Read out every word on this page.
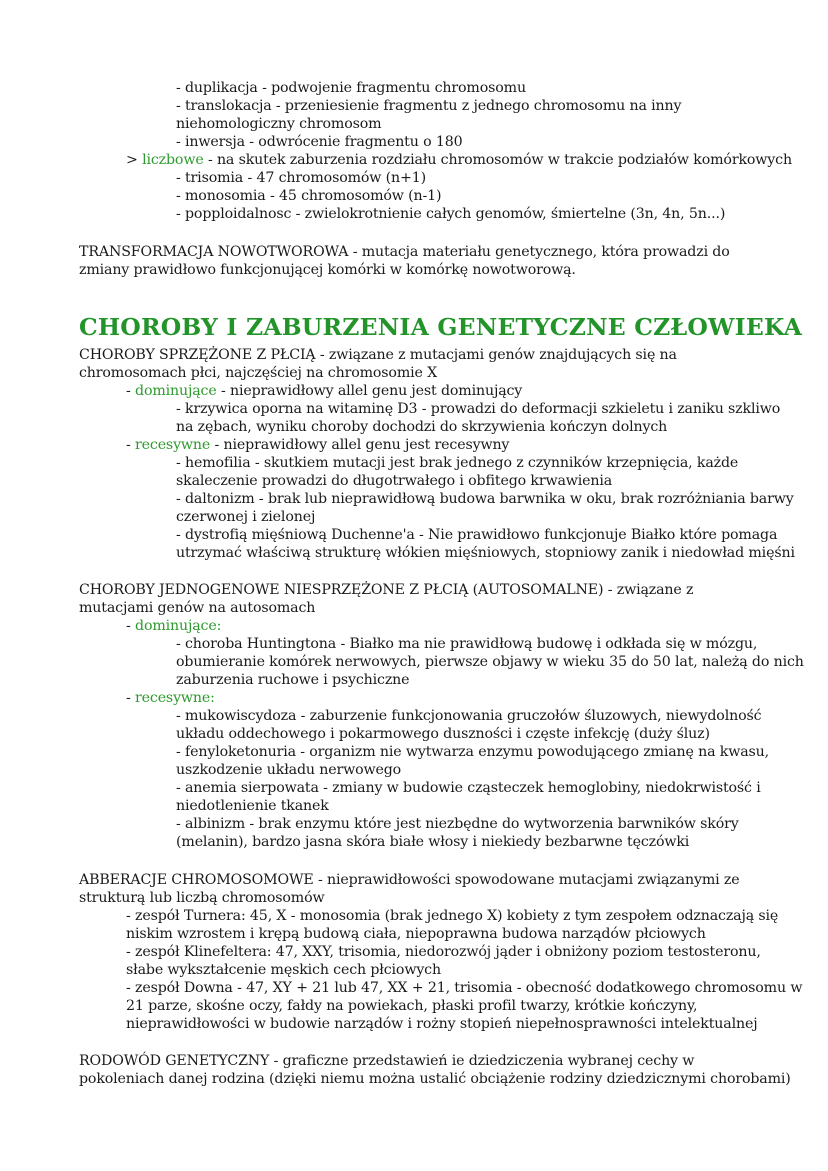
- duplikacja - podwojenie fragmentu chromosomu
- translokacja - przeniesienie fragmentu z jednego chromosomu na inny
niehomologiczny chromosom
- inwersja - odwrócenie fragmentu o 180
> liczbowe - na skutek zaburzenia rozdziału chromosomów w trakcie podziałów komórkowych
- trisomia - 47 chromosomów (n+1)
- monosomia - 45 chromosomów (n-1)
- popploidalnosc - zwielokrotnienie całych genomów, śmiertelne (3n, 4n, 5n...)
TRANSFORMACJA NOWOTWOROWA - mutacja materiału genetycznego, która prowadzi do
zmiany prawidłowo funkcjonującej komórki w komórkę nowotworową.
CHOROBY I ZABURZENIA GENETYCZNE CZŁOWIEKA
CHOROBY SPRZĘŻONE Z PŁCIĄ - związane z mutacjami genów znajdujących się na
chromosomach płci, najczęściej na chromosomie X
- dominujące - nieprawidłowy allel genu jest dominujący
- krzywica oporna na witaminę D3 - prowadzi do deformacji szkieletu i zaniku szkliwo
na zębach, wyniku choroby dochodzi do skrzywienia kończyn dolnych
- recesywne - nieprawidłowy allel genu jest recesywny
- hemofilia - skutkiem mutacji jest brak jednego z czynników krzepnięcia, każde
skaleczenie prowadzi do długotrwałego i obfitego krwawienia
- daltonizm - brak lub nieprawidłową budowa barwnika w oku, brak rozróżniania barwy
czerwonej i zielonej
- dystrofią mięśniową Duchenne'a - Nie prawidłowo funkcjonuje Białko które pomaga
utrzymać właściwą strukturę włókien mięśniowych, stopniowy zanik i niedowład mięśni
CHOROBY JEDNOGENOWE NIESPRZĘŻONE Z PŁCIĄ (AUTOSOMALNE) - związane z
mutacjami genów na autosomach
- dominujące:
- choroba Huntingtona - Białko ma nie prawidłową budowę i odkłada się w mózgu,
obumieranie komórek nerwowych, pierwsze objawy w wieku 35 do 50 lat, należą do nich
zaburzenia ruchowe i psychiczne
- recesywne:
- mukowiscydoza - zaburzenie funkcjonowania gruczołów śluzowych, niewydolność
układu oddechowego i pokarmowego duszności i częste infekcję (duży śluz)
- fenyloketonuria - organizm nie wytwarza enzymu powodującego zmianę na kwasu,
uszkodzenie układu nerwowego
- anemia sierpowata - zmiany w budowie cząsteczek hemoglobiny, niedokrwistość i
niedotlenienie tkanek
- albinizm - brak enzymu które jest niezbędne do wytworzenia barwników skóry
(melanin), bardzo jasna skóra białe włosy i niekiedy bezbarwne tęczówki
ABBERACJE CHROMOSOMOWE - nieprawidłowości spowodowane mutacjami związanymi ze
strukturą lub liczbą chromosomów
- zespół Turnera: 45, X - monosomia (brak jednego X) kobiety z tym zespołem odznaczają się
niskim wzrostem i krępą budową ciała, niepoprawna budowa narządów płciowych
- zespół Klinefeltera: 47, XXY, trisomia, niedorozwój jąder i obniżony poziom testosteronu,
słabe wykształcenie męskich cech płciowych
- zespół Downa - 47, XY + 21 lub 47, XX + 21, trisomia - obecność dodatkowego chromosomu w
21 parze, skośne oczy, fałdy na powiekach, płaski profil twarzy, krótkie kończyny,
nieprawidłowości w budowie narządów i rożny stopień niepełnosprawności intelektualnej
RODOWÓD GENETYCZNY - graficzne przedstawień ie dziedziczenia wybranej cechy w
pokoleniach danej rodzina (dzięki niemu można ustalić obciążenie rodziny dziedzicznymi chorobami)
